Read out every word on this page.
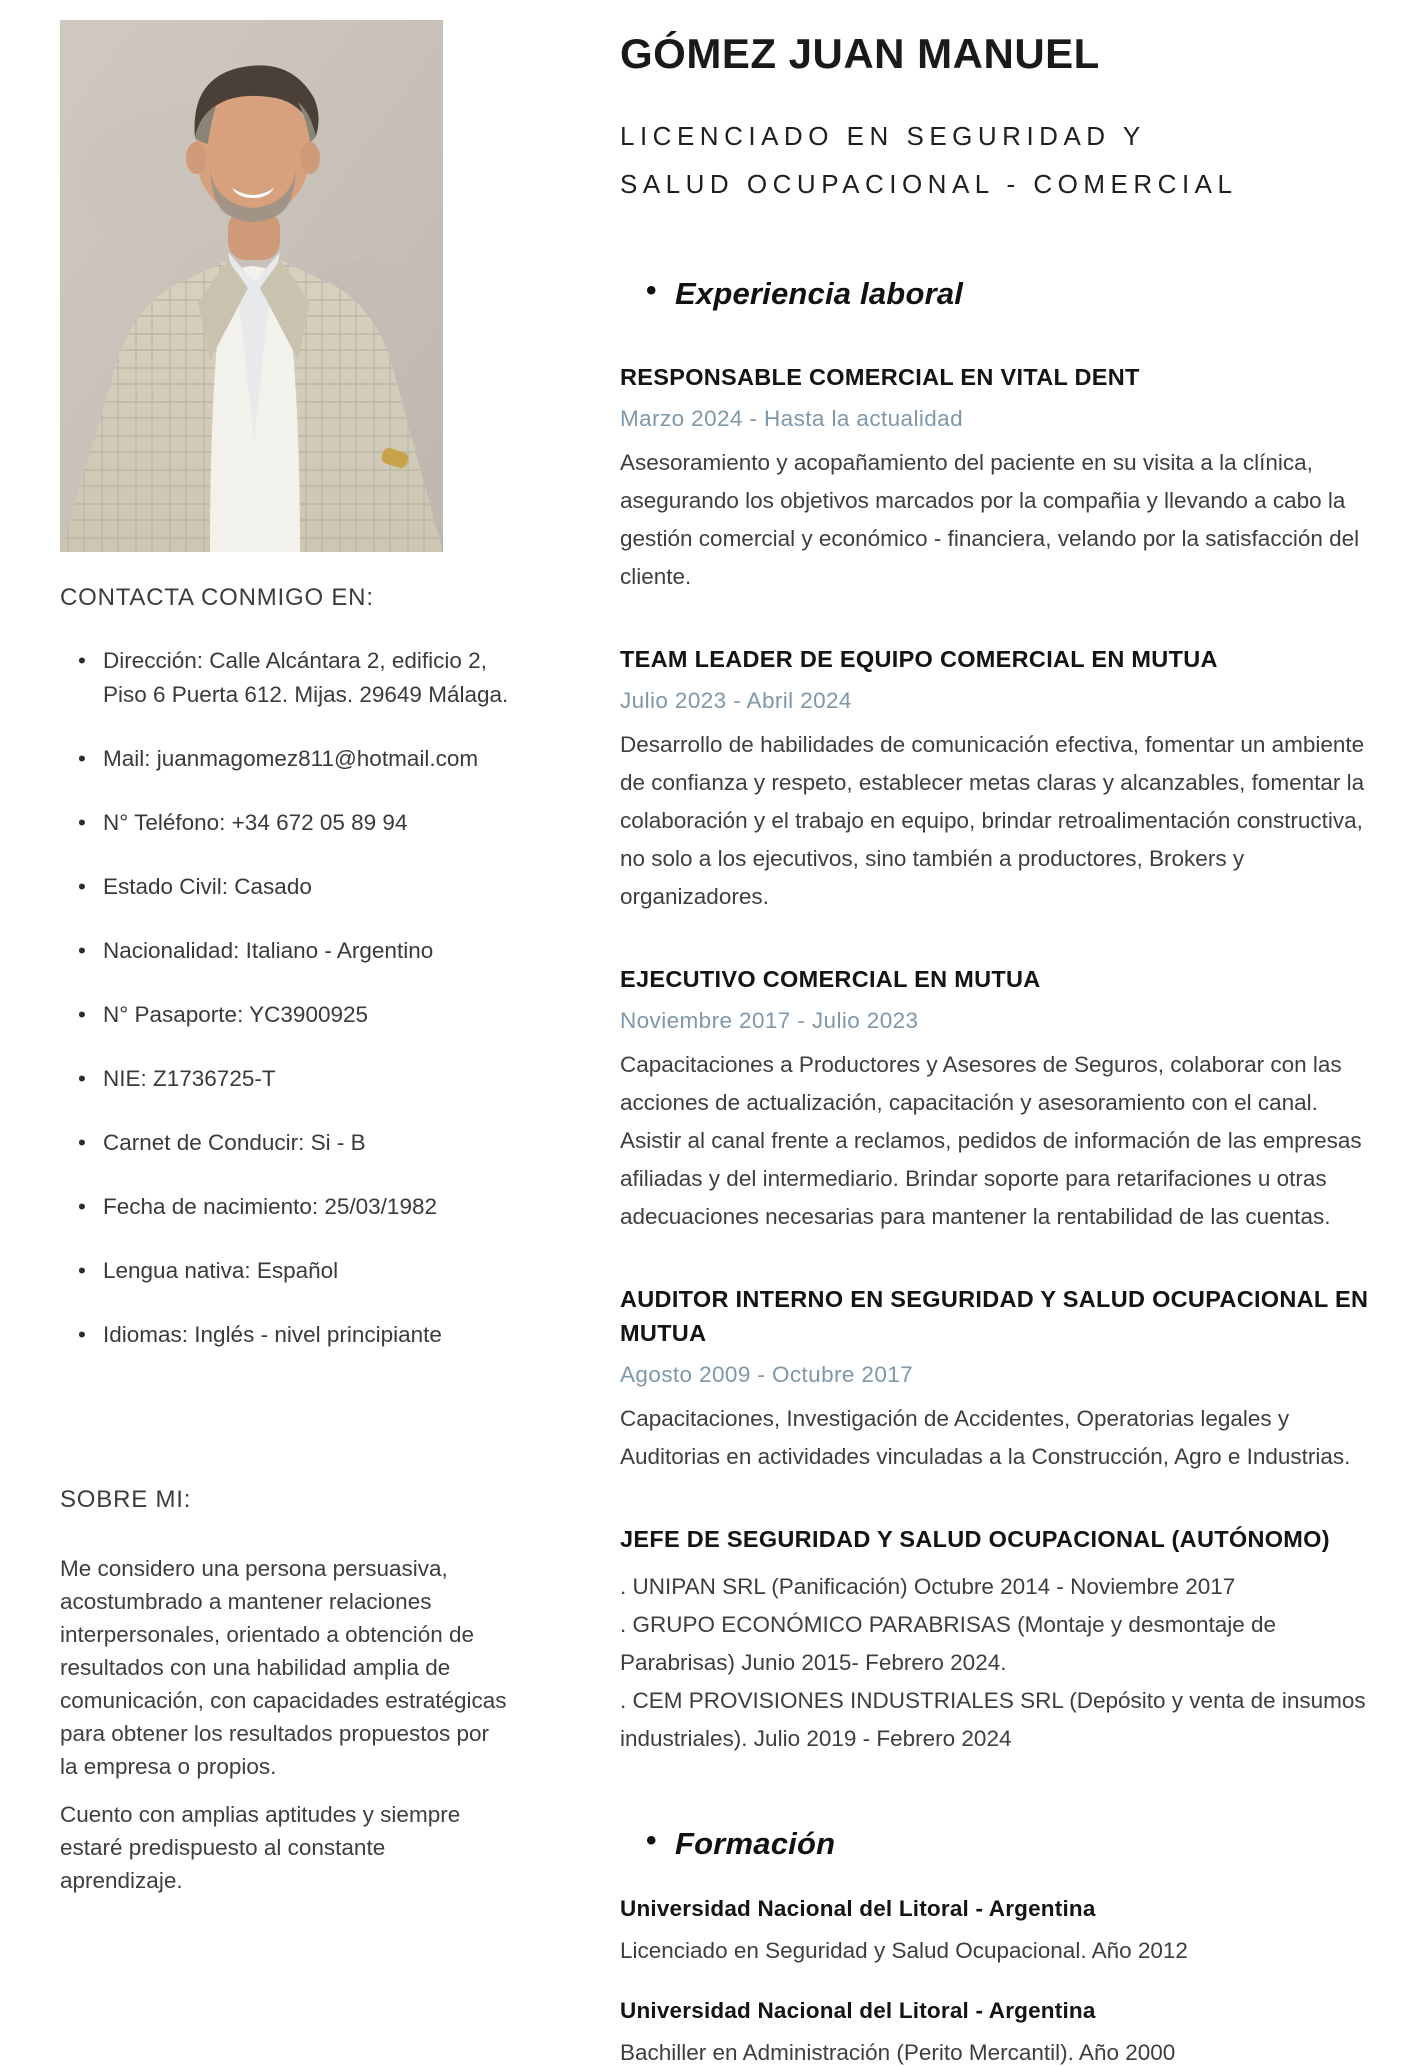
CONTACTA CONMIGO EN:
• Dirección: Calle Alcántara 2, edificio 2, Piso 6 Puerta 612. Mijas. 29649 Málaga.
• Mail: juanmagomez811@hotmail.com
• N° Teléfono: +34 672 05 89 94
• Estado Civil: Casado
• Nacionalidad: Italiano - Argentino
• N° Pasaporte: YC3900925
• NIE: Z1736725-T
• Carnet de Conducir: Si - B
• Fecha de nacimiento: 25/03/1982
• Lengua nativa: Español
• Idiomas: Inglés - nivel principiante
SOBRE MI:

Me considero una persona persuasiva, acostumbrado a mantener relaciones interpersonales, orientado a obtención de resultados con una habilidad amplia de comunicación, con capacidades estratégicas para obtener los resultados propuestos por la empresa o propios.

Cuento con amplias aptitudes y siempre estaré predispuesto al constante aprendizaje.

GÓMEZ JUAN MANUEL
LICENCIADO EN SEGURIDAD Y
SALUD OCUPACIONAL - COMERCIAL
• Experiencia laboral
RESPONSABLE COMERCIAL EN VITAL DENT
Marzo 2024 - Hasta la actualidad
Asesoramiento y acopañamiento del paciente en su visita a la clínica, asegurando los objetivos marcados por la compañia y llevando a cabo la gestión comercial y económico - financiera, velando por la satisfacción del cliente.
TEAM LEADER DE EQUIPO COMERCIAL EN MUTUA
Julio 2023 - Abril 2024
Desarrollo de habilidades de comunicación efectiva, fomentar un ambiente de confianza y respeto, establecer metas claras y alcanzables, fomentar la colaboración y el trabajo en equipo, brindar retroalimentación constructiva, no solo a los ejecutivos, sino también a productores, Brokers y organizadores.
EJECUTIVO COMERCIAL EN MUTUA
Noviembre 2017 - Julio 2023
Capacitaciones a Productores y Asesores de Seguros, colaborar con las acciones de actualización, capacitación y asesoramiento con el canal. Asistir al canal frente a reclamos, pedidos de información de las empresas afiliadas y del intermediario. Brindar soporte para retarifaciones u otras adecuaciones necesarias para mantener la rentabilidad de las cuentas.
AUDITOR INTERNO EN SEGURIDAD Y SALUD OCUPACIONAL EN MUTUA
Agosto 2009 - Octubre 2017
Capacitaciones, Investigación de Accidentes, Operatorias legales y Auditorias en actividades vinculadas a la Construcción, Agro e Industrias.
JEFE DE SEGURIDAD Y SALUD OCUPACIONAL (AUTÓNOMO)
. UNIPAN SRL (Panificación) Octubre 2014 - Noviembre 2017
. GRUPO ECONÓMICO PARABRISAS (Montaje y desmontaje de Parabrisas) Junio 2015- Febrero 2024.
. CEM PROVISIONES INDUSTRIALES SRL (Depósito y venta de insumos industriales). Julio 2019 - Febrero 2024
• Formación
Universidad Nacional del Litoral - Argentina
Licenciado en Seguridad y Salud Ocupacional. Año 2012
Universidad Nacional del Litoral - Argentina
Bachiller en Administración (Perito Mercantil). Año 2000
